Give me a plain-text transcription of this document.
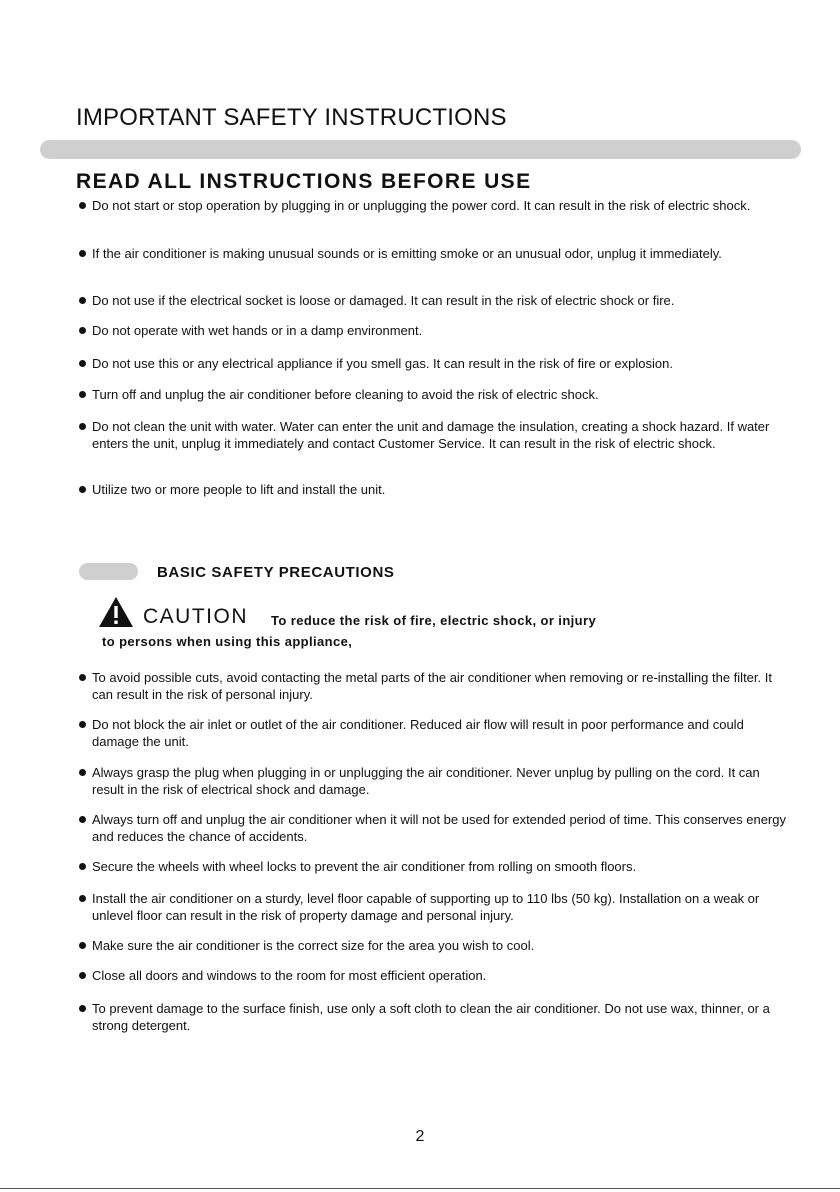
IMPORTANT SAFETY INSTRUCTIONS
READ ALL INSTRUCTIONS BEFORE USE
Do not start or stop operation by plugging in or unplugging the power cord. It can result in the risk of electric shock.
If the air conditioner is making unusual sounds or is emitting smoke or an unusual odor, unplug it immediately.
Do not use if the electrical socket is loose or damaged. It can result in the risk of electric shock or fire.
Do not operate with wet hands or in a damp environment.
Do not use this or any electrical appliance if you smell gas. It can result in the risk of fire or explosion.
Turn off and unplug the air conditioner before cleaning to avoid the risk of electric shock.
Do not clean the unit with water. Water can enter the unit and damage the insulation, creating a shock hazard. If water enters the unit, unplug it immediately and contact Customer Service. It can result in the risk of electric shock.
Utilize two or more people to lift and install the unit.
BASIC SAFETY PRECAUTIONS
CAUTION To reduce the risk of fire, electric shock, or injury
to persons when using this appliance,
To avoid possible cuts, avoid contacting the metal parts of the air conditioner when removing or re-installing the filter. It can result in the risk of personal injury.
Do not block the air inlet or outlet of the air conditioner. Reduced air flow will result in poor performance and could damage the unit.
Always grasp the plug when plugging in or unplugging the air conditioner. Never unplug by pulling on the cord. It can result in the risk of electrical shock and damage.
Always turn off and unplug the air conditioner when it will not be used for extended period of time. This conserves energy and reduces the chance of accidents.
Secure the wheels with wheel locks to prevent the air conditioner from rolling on smooth floors.
Install the air conditioner on a sturdy, level floor capable of supporting up to 110 lbs (50 kg). Installation on a weak or unlevel floor can result in the risk of property damage and personal injury.
Make sure the air conditioner is the correct size for the area you wish to cool.
Close all doors and windows to the room for most efficient operation.
To prevent damage to the surface finish, use only a soft cloth to clean the air conditioner. Do not use wax, thinner, or a strong detergent.
2
